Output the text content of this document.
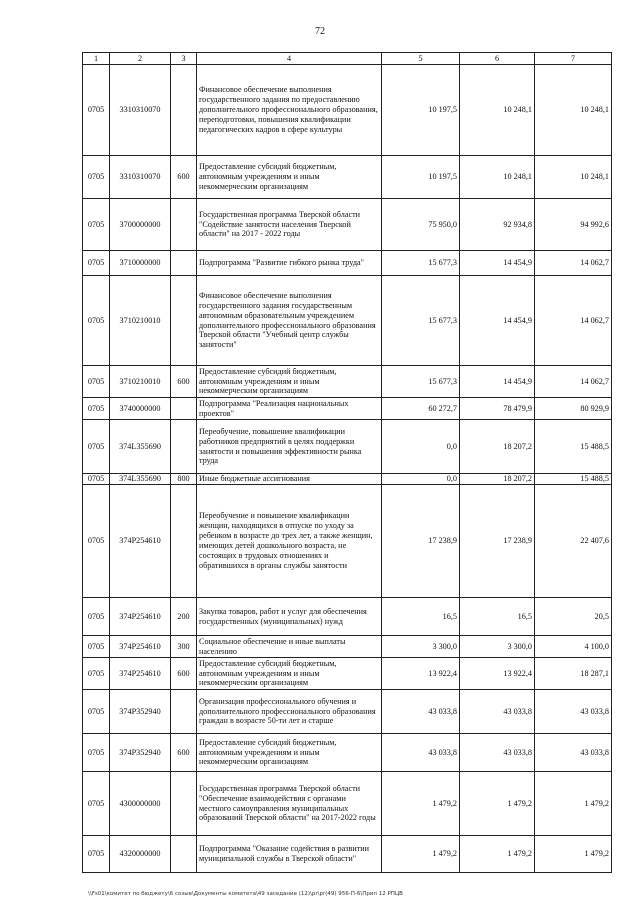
72
1	2	3	4	5	6	7
0705	3310310070		Финансовое обеспечение выполнения государственного задания по предоставлению дополнительного профессионального образования, переподготовки, повышения квалификации педагогических кадров в сфере культуры	10 197,5	10 248,1	10 248,1
0705	3310310070	600	Предоставление субсидий бюджетным, автономным учреждениям и иным некоммерческим организациям	10 197,5	10 248,1	10 248,1
0705	3700000000		Государственная программа Тверской области "Содействие занятости населения Тверской области" на 2017 - 2022 годы	75 950,0	92 934,8	94 992,6
0705	3710000000		Подпрограмма "Развитие гибкого рынка труда"	15 677,3	14 454,9	14 062,7
0705	3710210010		Финансовое обеспечение выполнения государственного задания государственным автономным образовательным учреждением дополнительного профессионального образования Тверской области "Учебный центр службы занятости"	15 677,3	14 454,9	14 062,7
0705	3710210010	600	Предоставление субсидий бюджетным, автономным учреждениям и иным некоммерческим организациям	15 677,3	14 454,9	14 062,7
0705	3740000000		Подпрограмма "Реализация национальных проектов"	60 272,7	78 479,9	80 929,9
0705	374L355690		Переобучение, повышение квалификации работников предприятий в целях поддержки занятости и повышения эффективности рынка труда	0,0	18 207,2	15 488,5
0705	374L355690	800	Иные бюджетные ассигнования	0,0	18 207,2	15 488,5
0705	374P254610		Переобучение и повышение квалификации женщин, находящихся в отпуске по уходу за ребенком в возрасте до трех лет, а также женщин, имеющих детей дошкольного возраста, не состоящих в трудовых отношениях и обратившихся в органы службы занятости	17 238,9	17 238,9	22 407,6
0705	374P254610	200	Закупка товаров, работ и услуг для обеспечения государственных (муниципальных) нужд	16,5	16,5	20,5
0705	374P254610	300	Социальное обеспечение и иные выплаты населению	3 300,0	3 300,0	4 100,0
0705	374P254610	600	Предоставление субсидий бюджетным, автономным учреждениям и иным некоммерческим организациям	13 922,4	13 922,4	18 287,1
0705	374P352940		Организация профессионального обучения и дополнительного профессионального образования граждан в возрасте 50-ти лет и старше	43 033,8	43 033,8	43 033,8
0705	374P352940	600	Предоставление субсидий бюджетным, автономным учреждениям и иным некоммерческим организациям	43 033,8	43 033,8	43 033,8
0705	4300000000		Государственная программа Тверской области "Обеспечение взаимодействия с органами местного самоуправления муниципальных образований Тверской области" на 2017-2022 годы	1 479,2	1 479,2	1 479,2
0705	4320000000		Подпрограмма "Оказание содействия в развитии муниципальной службы в Тверской области"	1 479,2	1 479,2	1 479,2
\\Fs01\комитет по бюджету\6 созыв\Документы комитета\49 заседание (12)\pr\pr(49) 956-П-6\Прил 12 РПЦВ
